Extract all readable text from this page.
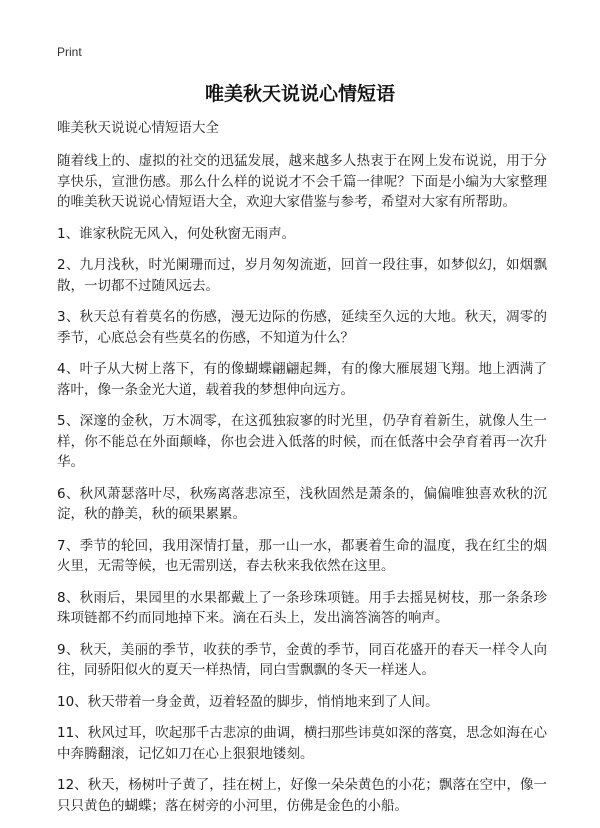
Print
唯美秋天说说心情短语

唯美秋天说说心情短语大全

随着线上的、虚拟的社交的迅猛发展，越来越多人热衷于在网上发布说说，用于分享快乐，宣泄伤感。那么什么样的说说才不会千篇一律呢？下面是小编为大家整理的唯美秋天说说心情短语大全，欢迎大家借鉴与参考，希望对大家有所帮助。

1、谁家秋院无风入，何处秋窗无雨声。

2、九月浅秋，时光阑珊而过，岁月匆匆流逝，回首一段往事，如梦似幻，如烟飘散，一切都不过随风远去。

3、秋天总有着莫名的伤感，漫无边际的伤感，延续至久远的大地。秋天，凋零的季节，心底总会有些莫名的伤感，不知道为什么？

4、叶子从大树上落下，有的像蝴蝶翩翩起舞，有的像大雁展翅飞翔。地上洒满了落叶，像一条金光大道，载着我的梦想伸向远方。

5、深邃的金秋，万木凋零，在这孤独寂寥的时光里，仍孕育着新生，就像人生一样，你不能总在外面颠峰，你也会进入低落的时候，而在低落中会孕育着再一次升华。

6、秋风萧瑟落叶尽，秋殇离落悲凉至，浅秋固然是萧条的，偏偏唯独喜欢秋的沉淀，秋的静美，秋的硕果累累。

7、季节的轮回，我用深情打量，那一山一水，都裹着生命的温度，我在红尘的烟火里，无需等候，也无需别送，春去秋来我依然在这里。

8、秋雨后，果园里的水果都戴上了一条珍珠项链。用手去摇晃树枝，那一条条珍珠项链都不约而同地掉下来。滴在石头上，发出滴答滴答的响声。

9、秋天，美丽的季节，收获的季节，金黄的季节，同百花盛开的春天一样令人向往，同骄阳似火的夏天一样热情，同白雪飘飘的冬天一样迷人。

10、秋天带着一身金黄，迈着轻盈的脚步，悄悄地来到了人间。

11、秋风过耳，吹起那千古悲凉的曲调，横扫那些讳莫如深的落寞，思念如海在心中奔腾翻滚，记忆如刀在心上狠狠地镂刻。

12、秋天，杨树叶子黄了，挂在树上，好像一朵朵黄色的小花；飘落在空中，像一只只黄色的蝴蝶；落在树旁的小河里，仿佛是金色的小船。
